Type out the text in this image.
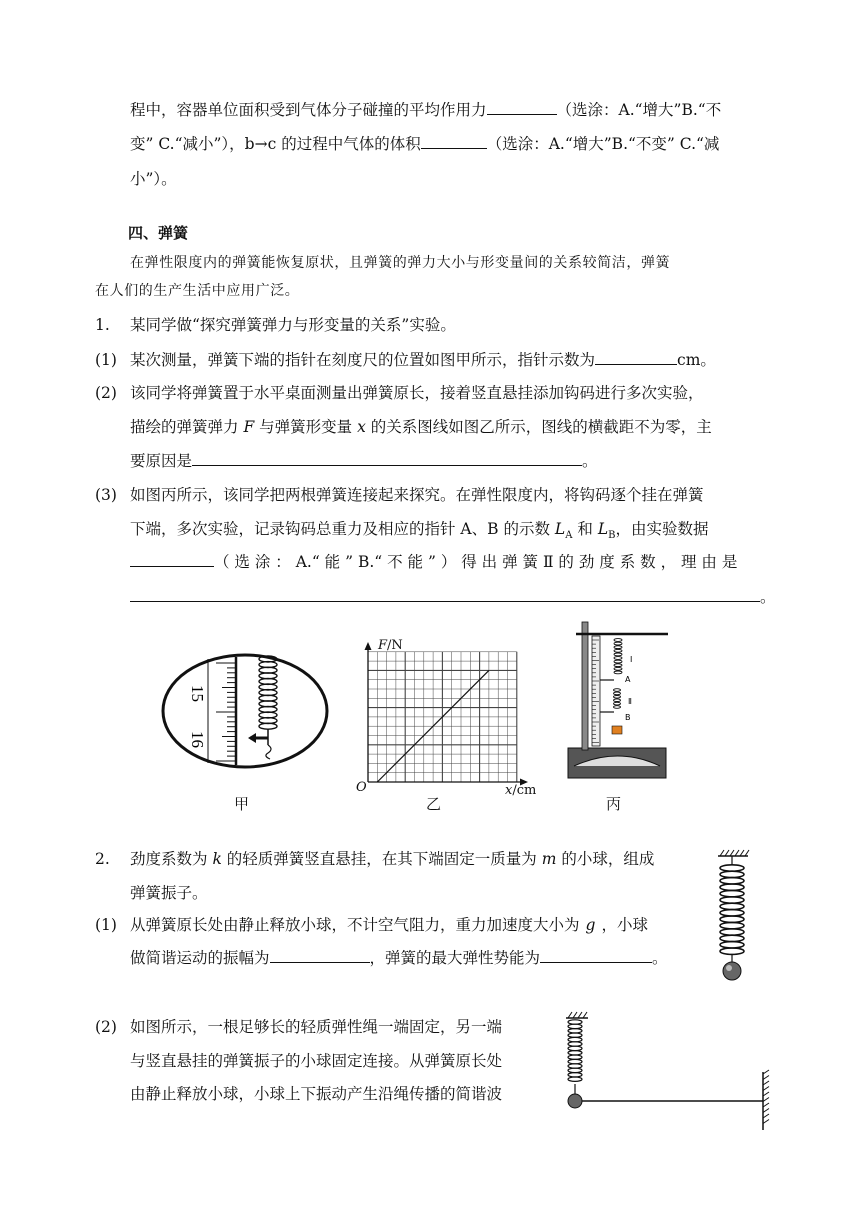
程中，容器单位面积受到气体分子碰撞的平均作用力	（选涂：A.“增大”B.“不
变” C.“减小”），b→c 的过程中气体的体积	（选涂：A.“增大”B.“不变” C.“减
小”）。
四、弹簧
在弹性限度内的弹簧能恢复原状，且弹簧的弹力大小与形变量间的关系较简洁，弹簧
在人们的生产生活中应用广泛。
1. 某同学做“探究弹簧弹力与形变量的关系”实验。
(1) 某次测量，弹簧下端的指针在刻度尺的位置如图甲所示，指针示数为	cm。
(2) 该同学将弹簧置于水平桌面测量出弹簧原长，接着竖直悬挂添加钩码进行多次实验，
描绘的弹簧弹力 F 与弹簧形变量 x 的关系图线如图乙所示，图线的横截距不为零，主
要原因是	。
(3) 如图丙所示，该同学把两根弹簧连接起来探究。在弹性限度内，将钩码逐个挂在弹簧
下端，多次实验，记录钩码总重力及相应的指针 A、B 的示数 $L_A$ 和 $L_B$，由实验数据
（ 选 涂 ： A.“ 能 ” B.“ 不 能 ” ） 得 出 弹 簧 Ⅱ 的 劲 度 系 数 ， 理 由 是
。
15
16
甲
F/N
O	x/cm
乙
Ⅰ
A
Ⅱ
B
丙
2. 劲度系数为 k 的轻质弹簧竖直悬挂，在其下端固定一质量为 m 的小球，组成
弹簧振子。
(1) 从弹簧原长处由静止释放小球，不计空气阻力，重力加速度大小为 g ，小球
做简谐运动的振幅为	，弹簧的最大弹性势能为	。
(2) 如图所示，一根足够长的轻质弹性绳一端固定，另一端
与竖直悬挂的弹簧振子的小球固定连接。从弹簧原长处
由静止释放小球，小球上下振动产生沿绳传播的简谐波
